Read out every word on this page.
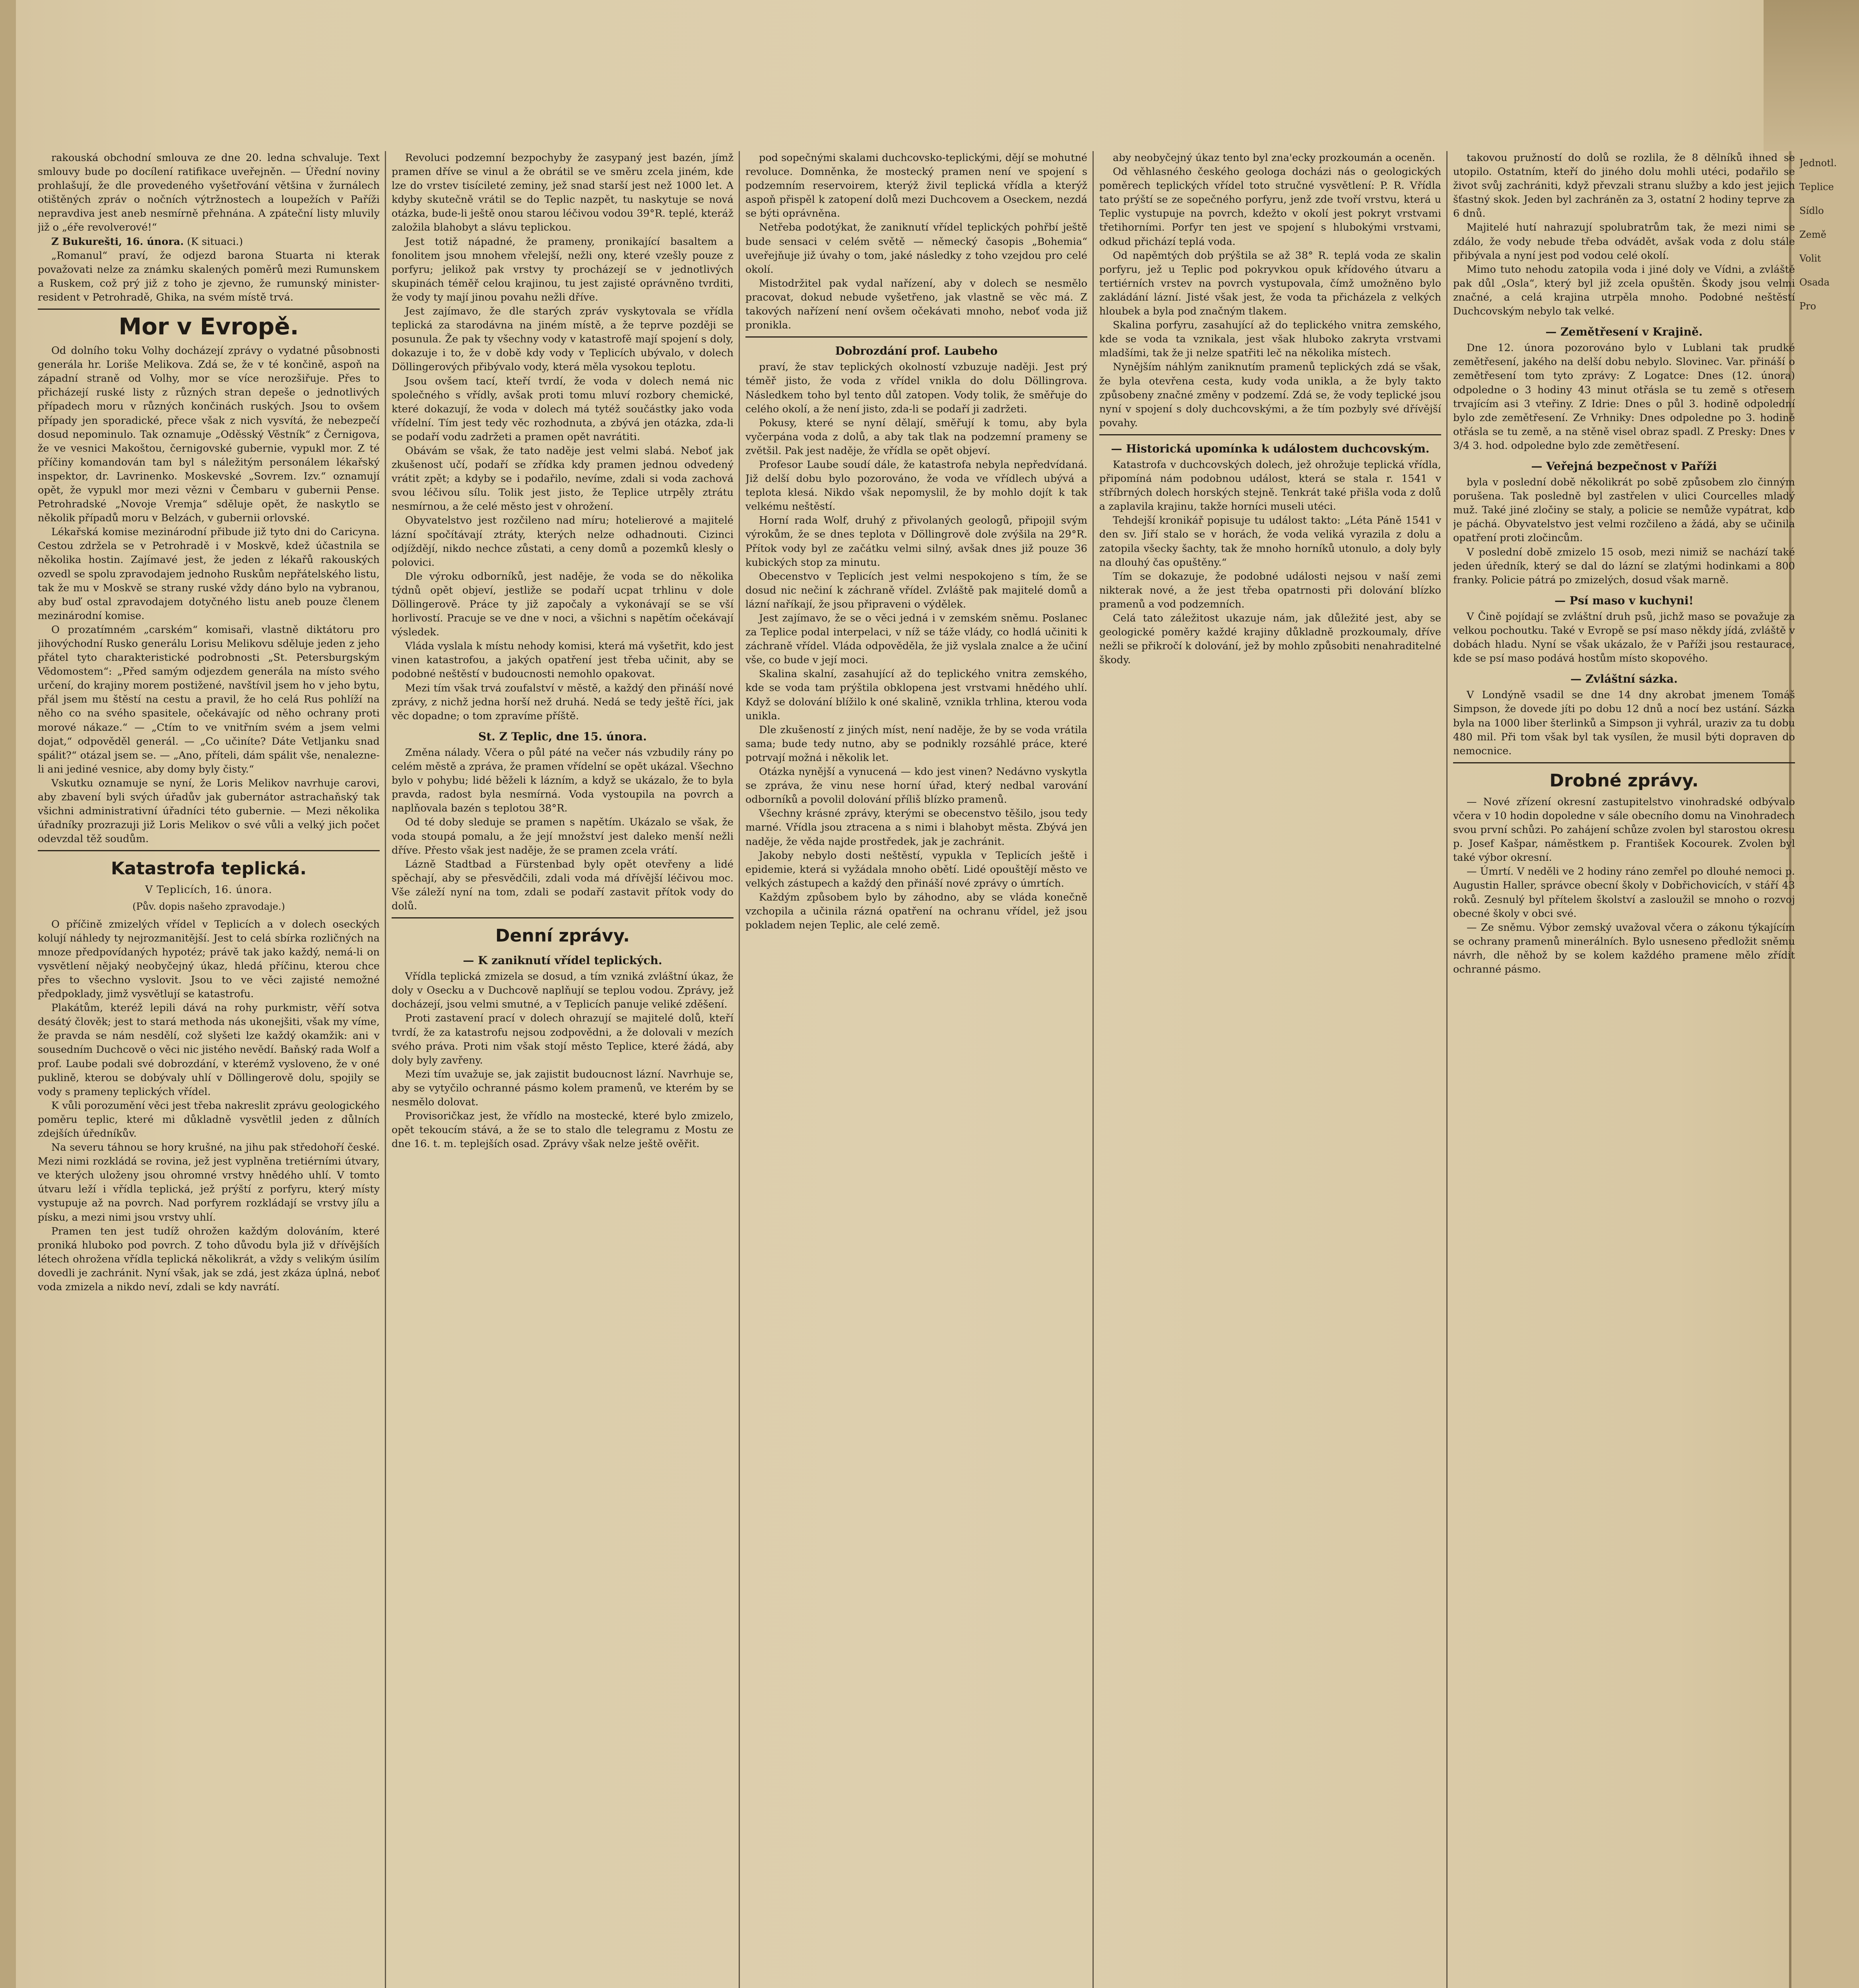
rakouská obchodní smlouva ze dne 20. ledna schvaluje. Text smlouvy bude po docílení ratifikace uveřejněn. — Úřední noviny prohlašují, že dle provedeného vyšetřování většina v žurnálech otištěných zpráv o nočních výtržnostech a loupežích v Paříži nepravdiva jest aneb nesmírně přehnána. A zpáteční listy mluvily již o „éře revolverové!“

Z Bukurešti, 16. února. (K situaci.)

„Romanul“ praví, že odjezd barona Stuarta ni kterak považovati nelze za známku skalených poměrů mezi Rumunskem a Ruskem, což prý již z toho je zjevno, že rumunský minister-resident v Petrohradě, Ghika, na svém místě trvá.

Mor v Evropě.

Od dolního toku Volhy docházejí zprávy o vydatné působnosti generála hr. Loriše Melikova. Zdá se, že v té končině, aspoň na západní straně od Volhy, mor se více nerozšiřuje. Přes to přicházejí ruské listy z různých stran depeše o jednotlivých případech moru v různých končinách ruských. Jsou to ovšem případy jen sporadické, přece však z nich vysvítá, že nebezpečí dosud nepominulo. Tak oznamuje „Oděsský Věstník“ z Černigova, že ve vesnici Makoštou, černigovské gubernie, vypukl mor. Z té příčiny komandován tam byl s náležitým personálem lékařský inspektor, dr. Lavrinenko. Moskevské „Sovrem. Izv.“ oznamují opět, že vypukl mor mezi vězni v Čembaru v gubernii Pense. Petrohradské „Novoje Vremja“ sděluje opět, že naskytlo se několik případů moru v Belzách, v gubernii orlovské.

Lékařská komise mezinárodní přibude již tyto dni do Caricyna. Cestou zdržela se v Petrohradě i v Moskvě, kdež účastnila se několika hostin. Zajímavé jest, že jeden z lékařů rakouských ozvedl se spolu zpravodajem jednoho Ruskům nepřátelského listu, tak že mu v Moskvě se strany ruské vždy dáno bylo na vybranou, aby buď ostal zpravodajem dotyčného listu aneb pouze členem mezinárodní komise.

O prozatímném „carském“ komisaři, vlastně diktátoru pro jihovýchodní Rusko generálu Lorisu Melikovu sděluje jeden z jeho přátel tyto charakteristické podrobnosti „St. Petersburgským Vědomostem“: „Před samým odjezdem generála na místo svého určení, do krajiny morem postižené, navštívil jsem ho v jeho bytu, přál jsem mu štěstí na cestu a pravil, že ho celá Rus pohlíží na něho co na svého spasitele, očekávajíc od něho ochrany proti morové nákaze.“ — „Ctím to ve vnitřním svém a jsem velmi dojat,“ odpověděl generál. — „Co učiníte? Dáte Vetljanku snad spálit?“ otázal jsem se. — „Ano, příteli, dám spálit vše, nenalezne-li ani jediné vesnice, aby domy byly čisty.“

Vskutku oznamuje se nyní, že Loris Melikov navrhuje carovi, aby zbavení byli svých úřadův jak gubernátor astrachaňský tak všichni administrativní úřadníci této gubernie. — Mezi několika úřadníky prozrazuji již Loris Melikov o své vůli a velký jich počet odevzdal těž soudům.

Katastrofa teplická.
V Teplicích, 16. února.
(Pův. dopis našeho zpravodaje.)

O příčině zmizelých vřídel v Teplicích a v dolech oseckých kolují náhledy ty nejrozmanitější. Jest to celá sbírka rozličných na mnoze předpovídaných hypotéz; právě tak jako každý, nemá-li on vysvětlení nějaký neobyčejný úkaz, hledá příčinu, kterou chce přes to všechno vyslovit. Jsou to ve věci zajisté nemožné předpoklady, jimž vysvětlují se katastrofu.

Plakátům, kteréž lepili dává na rohy purkmistr, věří sotva desátý člověk; jest to stará methoda nás ukonejšiti, však my víme, že pravda se nám nesdělí, což slyšeti lze každý okamžik: ani v sousedním Duchcově o věci nic jistého nevědí. Baňský rada Wolf a prof. Laube podali své dobrozdání, v kterémž vysloveno, že v oné puklině, kterou se dobývaly uhlí v Döllingerově dolu, spojily se vody s prameny teplických vřídel.

K vůli porozumění věci jest třeba nakreslit zprávu geologického poměru teplic, které mi důkladně vysvětlil jeden z důlních zdejších úředníkův.

Na severu táhnou se hory krušné, na jihu pak středohoří české. Mezi nimi rozkládá se rovina, jež jest vyplněna tretiérními útvary, ve kterých uloženy jsou ohromné vrstvy hnědého uhlí. V tomto útvaru leží i vřídla teplická, jež prýští z porfyru, který místy vystupuje až na povrch. Nad porfyrem rozkládají se vrstvy jílu a písku, a mezi nimi jsou vrstvy uhlí.

Pramen ten jest tudíž ohrožen každým dolováním, které proniká hluboko pod povrch. Z toho důvodu byla již v dřívějších létech ohrožena vřídla teplická několikrát, a vždy s velikým úsilím dovedli je zachránit. Nyní však, jak se zdá, jest zkáza úplná, neboť voda zmizela a nikdo neví, zdali se kdy navrátí.

Revoluci podzemní bezpochyby že zasypaný jest bazén, jímž pramen dříve se vinul a že obrátil se ve směru zcela jiném, kde lze do vrstev tisícileté zeminy, jež snad starší jest než 1000 let. A kdyby skutečně vrátil se do Teplic nazpět, tu naskytuje se nová otázka, bude-li ještě onou starou léčivou vodou 39°R. teplé, kteráž založila blahobyt a slávu teplickou.

Jest totiž nápadné, že prameny, pronikající basaltem a fonolitem jsou mnohem vřelejší, nežli ony, které vzešly pouze z porfyru; jelikož pak vrstvy ty procházejí se v jednotlivých skupinách téměř celou krajinou, tu jest zajisté oprávněno tvrditi, že vody ty mají jinou povahu nežli dříve.

Jest zajímavo, že dle starých zpráv vyskytovala se vřídla teplická za starodávna na jiném místě, a že teprve později se posunula. Že pak ty všechny vody v katastrofě mají spojení s doly, dokazuje i to, že v době kdy vody v Teplicích ubývalo, v dolech Döllingerových přibývalo vody, která měla vysokou teplotu.

Jsou ovšem tací, kteří tvrdí, že voda v dolech nemá nic společného s vřídly, avšak proti tomu mluví rozbory chemické, které dokazují, že voda v dolech má tytéž součástky jako voda vřídelní. Tím jest tedy věc rozhodnuta, a zbývá jen otázka, zda-li se podaří vodu zadržeti a pramen opět navrátiti.

Obávám se však, že tato naděje jest velmi slabá. Neboť jak zkušenost učí, podaří se zřídka kdy pramen jednou odvedený vrátit zpět; a kdyby se i podařilo, nevíme, zdali si voda zachová svou léčivou sílu. Tolik jest jisto, že Teplice utrpěly ztrátu nesmírnou, a že celé město jest v ohrožení.

Obyvatelstvo jest rozčileno nad míru; hotelierové a majitelé lázní spočítávají ztráty, kterých nelze odhadnouti. Cizinci odjíždějí, nikdo nechce zůstati, a ceny domů a pozemků klesly o polovici.

Dle výroku odborníků, jest naděje, že voda se do několika týdnů opět objeví, jestliže se podaří ucpat trhlinu v dole Döllingerově. Práce ty již započaly a vykonávají se se vší horlivostí. Pracuje se ve dne v noci, a všichni s napětím očekávají výsledek.

Vláda vyslala k místu nehody komisi, která má vyšetřit, kdo jest vinen katastrofou, a jakých opatření jest třeba učinit, aby se podobné neštěstí v budoucnosti nemohlo opakovat.

Mezi tím však trvá zoufalství v městě, a každý den přináší nové zprávy, z nichž jedna horší než druhá. Nedá se tedy ještě říci, jak věc dopadne; o tom zpravíme příště.

St. Z Teplic, dne 15. února.

Změna nálady. Včera o půl páté na večer nás vzbudily rány po celém městě a zpráva, že pramen vřídelní se opět ukázal. Všechno bylo v pohybu; lidé běželi k lázním, a když se ukázalo, že to byla pravda, radost byla nesmírná. Voda vystoupila na povrch a naplňovala bazén s teplotou 38°R.

Od té doby sleduje se pramen s napětím. Ukázalo se však, že voda stoupá pomalu, a že její množství jest daleko menší nežli dříve. Přesto však jest naděje, že se pramen zcela vrátí.

Lázně Stadtbad a Fürstenbad byly opět otevřeny a lidé spěchají, aby se přesvědčili, zdali voda má dřívější léčivou moc. Vše záleží nyní na tom, zdali se podaří zastavit přítok vody do dolů.

Denní zprávy.

— K zaniknutí vřídel teplických.

Vřídla teplická zmizela se dosud, a tím vzniká zvláštní úkaz, že doly v Osecku a v Duchcově naplňují se teplou vodou. Zprávy, jež docházejí, jsou velmi smutné, a v Teplicích panuje veliké zděšení.

Proti zastavení prací v dolech ohrazují se majitelé dolů, kteří tvrdí, že za katastrofu nejsou zodpovědni, a že dolovali v mezích svého práva. Proti nim však stojí město Teplice, které žádá, aby doly byly zavřeny.

Mezi tím uvažuje se, jak zajistit budoucnost lázní. Navrhuje se, aby se vytyčilo ochranné pásmo kolem pramenů, ve kterém by se nesmělo dolovat.

Provisoričkaz jest, že vřídlo na mostecké, které bylo zmizelo, opět tekoucím stává, a že se to stalo dle telegramu z Mostu ze dne 16. t. m. teplejších osad. Zprávy však nelze ještě ověřit.

pod sopečnými skalami duchcovsko-teplickými, dějí se mohutné revoluce. Domněnka, že mostecký pramen není ve spojení s podzemním reservoirem, kterýž živil teplická vřídla a kterýž aspoň přispěl k zatopení dolů mezi Duchcovem a Oseckem, nezdá se býti oprávněna.

Netřeba podotýkat, že zaniknutí vřídel teplických pohřbí ještě bude sensaci v celém světě — německý časopis „Bohemia“ uveřejňuje již úvahy o tom, jaké následky z toho vzejdou pro celé okolí.

Mistodržitel pak vydal nařízení, aby v dolech se nesmělo pracovat, dokud nebude vyšetřeno, jak vlastně se věc má. Z takových nařízení není ovšem očekávati mnoho, neboť voda již pronikla.

Dobrozdání prof. Laubeho

praví, že stav teplických okolností vzbuzuje naději. Jest prý téměř jisto, že voda z vřídel vnikla do dolu Döllingrova. Následkem toho byl tento důl zatopen. Vody tolik, že směřuje do celého okolí, a že není jisto, zda-li se podaří ji zadržeti.

Pokusy, které se nyní dělají, směřují k tomu, aby byla vyčerpána voda z dolů, a aby tak tlak na podzemní prameny se zvětšil. Pak jest naděje, že vřídla se opět objeví.

Profesor Laube soudí dále, že katastrofa nebyla nepředvídaná. Již delší dobu bylo pozorováno, že voda ve vřídlech ubývá a teplota klesá. Nikdo však nepomyslil, že by mohlo dojít k tak velkému neštěstí.

Horní rada Wolf, druhý z přivolaných geologů, připojil svým výrokům, že se dnes teplota v Döllingrově dole zvýšila na 29°R. Přítok vody byl ze začátku velmi silný, avšak dnes již pouze 36 kubických stop za minutu.

Obecenstvo v Teplicích jest velmi nespokojeno s tím, že se dosud nic nečiní k záchraně vřídel. Zvláště pak majitelé domů a lázní naříkají, že jsou připraveni o výdělek.

Jest zajímavo, že se o věci jedná i v zemském sněmu. Poslanec za Teplice podal interpelaci, v níž se táže vlády, co hodlá učiniti k záchraně vřídel. Vláda odpověděla, že již vyslala znalce a že učiní vše, co bude v její moci.

Skalina skalní, zasahující až do teplického vnitra zemského, kde se voda tam prýštila obklopena jest vrstvami hnědého uhlí. Když se dolování blížilo k oné skalině, vznikla trhlina, kterou voda unikla.

Dle zkušeností z jiných míst, není naděje, že by se voda vrátila sama; bude tedy nutno, aby se podnikly rozsáhlé práce, které potrvají možná i několik let.

Otázka nynější a vynucená — kdo jest vinen? Nedávno vyskytla se zpráva, že vinu nese horní úřad, který nedbal varování odborníků a povolil dolování příliš blízko pramenů.

Všechny krásné zprávy, kterými se obecenstvo těšilo, jsou tedy marné. Vřídla jsou ztracena a s nimi i blahobyt města. Zbývá jen naděje, že věda najde prostředek, jak je zachránit.

Jakoby nebylo dosti neštěstí, vypukla v Teplicích ještě i epidemie, která si vyžádala mnoho obětí. Lidé opouštějí město ve velkých zástupech a každý den přináší nové zprávy o úmrtích.

Každým způsobem bylo by záhodno, aby se vláda konečně vzchopila a učinila rázná opatření na ochranu vřídel, jež jsou pokladem nejen Teplic, ale celé země.

aby neobyčejný úkaz tento byl zna'ecky prozkoumán a oceněn.

Od věhlasného českého geologa docházi nás o geologických poměrech teplických vřídel toto stručné vysvětlení: P. R. Vřídla tato prýští se ze sopečného porfyru, jenž zde tvoří vrstvu, která u Teplic vystupuje na povrch, kdežto v okolí jest pokryt vrstvami třetihorními. Porfyr ten jest ve spojení s hlubokými vrstvami, odkud přichází teplá voda.

Od napěmtých dob prýštila se až 38° R. teplá voda ze skalin porfyru, jež u Teplic pod pokryvkou opuk křídového útvaru a tertiérních vrstev na povrch vystupovala, čímž umožněno bylo zakládání lázní. Jisté však jest, že voda ta přicházela z velkých hloubek a byla pod značným tlakem.

Skalina porfyru, zasahující až do teplického vnitra zemského, kde se voda ta vznikala, jest však hluboko zakryta vrstvami mladšími, tak že ji nelze spatřiti leč na několika místech.

Nynějším náhlým zaniknutím pramenů teplických zdá se však, že byla otevřena cesta, kudy voda unikla, a že byly takto způsobeny značné změny v podzemí. Zdá se, že vody teplické jsou nyní v spojení s doly duchcovskými, a že tím pozbyly své dřívější povahy.

— Historická upomínka k událostem duchcovským.

Katastrofa v duchcovských dolech, jež ohrožuje teplická vřídla, připomíná nám podobnou událost, která se stala r. 1541 v stříbrných dolech horských stejně. Tenkrát také přišla voda z dolů a zaplavila krajinu, takže horníci museli utéci.

Tehdejší kronikář popisuje tu událost takto: „Léta Páně 1541 v den sv. Jiří stalo se v horách, že voda veliká vyrazila z dolu a zatopila všecky šachty, tak že mnoho horníků utonulo, a doly byly na dlouhý čas opuštěny.“

Tím se dokazuje, že podobné události nejsou v naší zemi nikterak nové, a že jest třeba opatrnosti při dolování blízko pramenů a vod podzemních.

Celá tato záležitost ukazuje nám, jak důležité jest, aby se geologické poměry každé krajiny důkladně prozkoumaly, dříve nežli se přikročí k dolování, jež by mohlo způsobiti nenahraditelné škody.

takovou pružností do dolů se rozlila, že 8 dělníků ihned se utopilo. Ostatním, kteří do jiného dolu mohli utéci, podařilo se život svůj zachrániti, když převzali stranu služby a kdo jest jejich šťastný skok. Jeden byl zachráněn za 3, ostatní 2 hodiny teprve za 6 dnů.

Majitelé hutí nahrazují spolubratrům tak, že mezi nimi se zdálo, že vody nebude třeba odvádět, avšak voda z dolu stále přibývala a nyní jest pod vodou celé okolí.

Mimo tuto nehodu zatopila voda i jiné doly ve Vídni, a zvláště pak důl „Osla“, který byl již zcela opuštěn. Škody jsou velmi značné, a celá krajina utrpěla mnoho. Podobné neštěstí Duchcovským nebylo tak velké.

— Zemětřesení v Krajině.

Dne 12. února pozorováno bylo v Lublani tak prudké zemětřesení, jakého na delší dobu nebylo. Slovinec. Var. přináší o zemětřesení tom tyto zprávy: Z Logatce: Dnes (12. února) odpoledne o 3 hodiny 43 minut otřásla se tu země s otřesem trvajícím asi 3 vteřiny. Z Idrie: Dnes o půl 3. hodině odpolední bylo zde zemětřesení. Ze Vrhniky: Dnes odpoledne po 3. hodině otřásla se tu země, a na stěně visel obraz spadl. Z Presky: Dnes v 3/4 3. hod. odpoledne bylo zde zemětřesení.

— Veřejná bezpečnost v Paříži

byla v poslední době několikrát po sobě způsobem zlo činným porušena. Tak posledně byl zastřelen v ulici Courcelles mladý muž. Také jiné zločiny se staly, a policie se nemůže vypátrat, kdo je páchá. Obyvatelstvo jest velmi rozčileno a žádá, aby se učinila opatření proti zločincům.

V poslední době zmizelo 15 osob, mezi nimiž se nachází také jeden úředník, který se dal do lázní se zlatými hodinkami a 800 franky. Policie pátrá po zmizelých, dosud však marně.

— Psí maso v kuchyni!

V Čině pojídají se zvláštní druh psů, jichž maso se považuje za velkou pochoutku. Také v Evropě se psí maso někdy jídá, zvláště v dobách hladu. Nyní se však ukázalo, že v Paříži jsou restaurace, kde se psí maso podává hostům místo skopového.

— Zvláštní sázka.

V Londýně vsadil se dne 14 dny akrobat jmenem Tomáš Simpson, že dovede jíti po dobu 12 dnů a nocí bez ustání. Sázka byla na 1000 liber šterlinků a Simpson ji vyhrál, uraziv za tu dobu 480 mil. Při tom však byl tak vysílen, že musil býti dopraven do nemocnice.

Drobné zprávy.

— Nové zřízení okresní zastupitelstvo vinohradské odbývalo včera v 10 hodin dopoledne v sále obecního domu na Vinohradech svou první schůzi. Po zahájení schůze zvolen byl starostou okresu p. Josef Kašpar, náměstkem p. František Kocourek. Zvolen byl také výbor okresní.

— Úmrtí. V neděli ve 2 hodiny ráno zemřel po dlouhé nemoci p. Augustin Haller, správce obecní školy v Dobřichovicích, v stáří 43 roků. Zesnulý byl přítelem školství a zasloužil se mnoho o rozvoj obecné školy v obci své.

— Ze sněmu. Výbor zemský uvažoval včera o zákonu týkajícím se ochrany pramenů minerálních. Bylo usneseno předložit sněmu návrh, dle něhož by se kolem každého pramene mělo zřídit ochranné pásmo.

Jednotl.
Teplice
Sídlo
Země
Volit
Osada
Pro
